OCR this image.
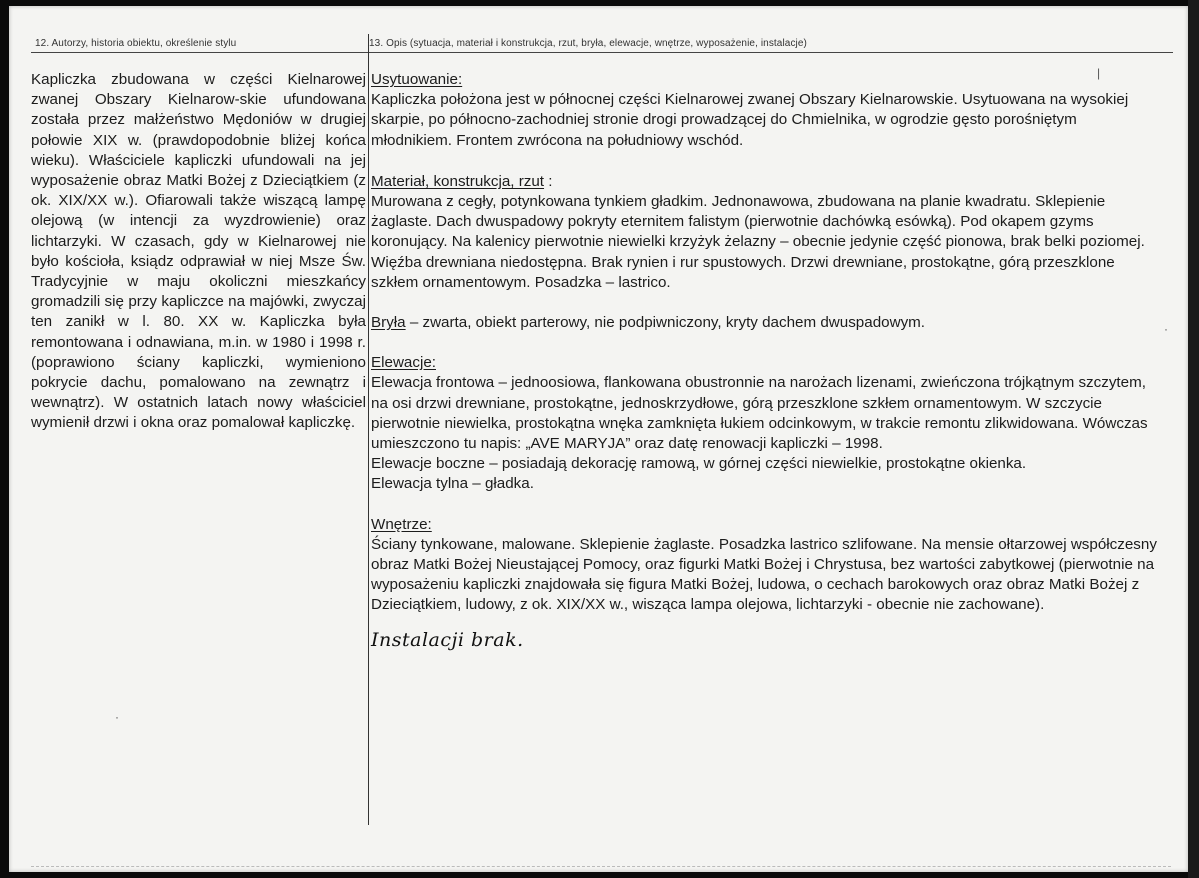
12. Autorzy, historia obiektu, określenie stylu	13. Opis (sytuacja, materiał i konstrukcja, rzut, bryła, elewacje, wnętrze, wyposażenie, instalacje)
Kapliczka zbudowana w części Kielnarowej zwanej Obszary Kielnarow-skie ufundowana została przez małżeństwo Mędoniów w drugiej połowie XIX w. (prawdopodobnie bliżej końca wieku). Właściciele kapliczki ufundowali na jej wyposażenie obraz Matki Bożej z Dzieciątkiem (z ok. XIX/XX w.). Ofiarowali także wiszącą lampę olejową (w intencji za wyzdrowienie) oraz lichtarzyki. W czasach, gdy w Kielnarowej nie było kościoła, ksiądz odprawiał w niej Msze Św. Tradycyjnie w maju okoliczni mieszkańcy gromadzili się przy kapliczce na majówki, zwyczaj ten zanikł w l. 80. XX w. Kapliczka była remontowana i odnawiana, m.in. w 1980 i 1998 r. (poprawiono ściany kapliczki, wymieniono pokrycie dachu, pomalowano na zewnątrz i wewnątrz). W ostatnich latach nowy właściciel wymienił drzwi i okna oraz pomalował kapliczkę.
Usytuowanie:

Kapliczka położona jest w północnej części Kielnarowej zwanej Obszary Kielnarowskie. Usytuowana na wysokiej skarpie, po północno-zachodniej stronie drogi prowadzącej do Chmielnika, w ogrodzie gęsto porośniętym młodnikiem. Frontem zwrócona na południowy wschód.

Materiał, konstrukcja, rzut :

Murowana z cegły, potynkowana tynkiem gładkim. Jednonawowa, zbudowana na planie kwadratu. Sklepienie żaglaste. Dach dwuspadowy pokryty eternitem falistym (pierwotnie dachówką esówką). Pod okapem gzyms koronujący. Na kalenicy pierwotnie niewielki krzyżyk żelazny – obecnie jedynie część pionowa, brak belki poziomej. Więźba drewniana niedostępna. Brak rynien i rur spustowych. Drzwi drewniane, prostokątne, górą przeszklone szkłem ornamentowym. Posadzka – lastrico.

Bryła – zwarta, obiekt parterowy, nie podpiwniczony, kryty dachem dwuspadowym.
Elewacje:

Elewacja frontowa – jednoosiowa, flankowana obustronnie na narożach lizenami, zwieńczona trójkątnym szczytem, na osi drzwi drewniane, prostokątne, jednoskrzydłowe, górą przeszklone szkłem ornamentowym. W szczycie pierwotnie niewielka, prostokątna wnęka zamknięta łukiem odcinkowym, w trakcie remontu zlikwidowana. Wówczas umieszczono tu napis: „AVE MARYJA” oraz datę renowacji kapliczki – 1998.

Elewacje boczne – posiadają dekorację ramową, w górnej części niewielkie, prostokątne okienka.

Elewacja tylna – gładka.

Wnętrze:

Ściany tynkowane, malowane. Sklepienie żaglaste. Posadzka lastrico szlifowane. Na mensie ołtarzowej współczesny obraz Matki Bożej Nieustającej Pomocy, oraz figurki Matki Bożej i Chrystusa, bez wartości zabytkowej (pierwotnie na wyposażeniu kapliczki znajdowała się figura Matki Bożej, ludowa, o cechach barokowych oraz obraz Matki Bożej z Dzieciątkiem, ludowy, z ok. XIX/XX w., wisząca lampa olejowa, lichtarzyki - obecnie nie zachowane).

Instalacji brak.
|
·
·
